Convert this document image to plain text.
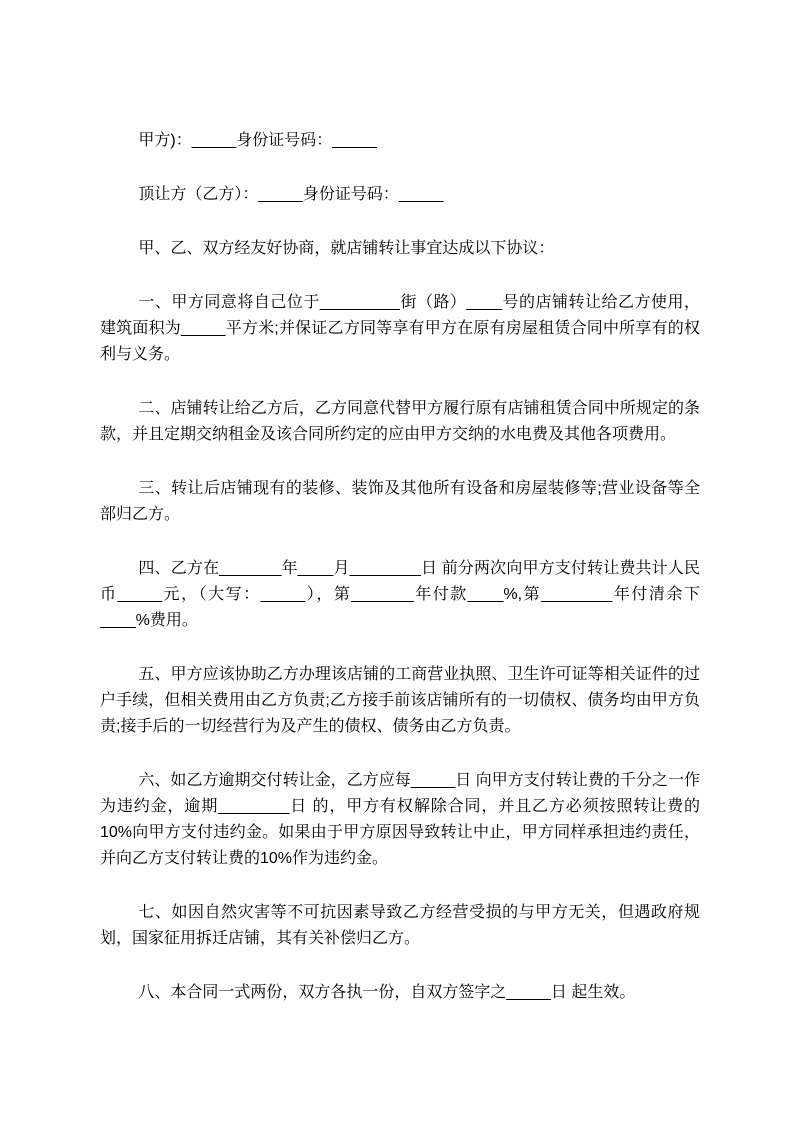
甲方)：_____身份证号码：_____

顶让方（乙方）：_____身份证号码：_____

甲、乙、双方经友好协商，就店铺转让事宜达成以下协议：

一、甲方同意将自己位于_________街（路）____号的店铺转让给乙方使用，建筑面积为_____平方米;并保证乙方同等享有甲方在原有房屋租赁合同中所享有的权利与义务。

二、店铺转让给乙方后，乙方同意代替甲方履行原有店铺租赁合同中所规定的条款，并且定期交纳租金及该合同所约定的应由甲方交纳的水电费及其他各项费用。

三、转让后店铺现有的装修、装饰及其他所有设备和房屋装修等;营业设备等全部归乙方。

四、乙方在_______年____月________日 前分两次向甲方支付转让费共计人民币_____元，（大写：_____），第_______年付款____%,第________年付清余下____%费用。

五、甲方应该协助乙方办理该店铺的工商营业执照、卫生许可证等相关证件的过户手续，但相关费用由乙方负责;乙方接手前该店铺所有的一切债权、债务均由甲方负责;接手后的一切经营行为及产生的债权、债务由乙方负责。

六、如乙方逾期交付转让金，乙方应每_____日 向甲方支付转让费的千分之一作为违约金，逾期________日 的，甲方有权解除合同，并且乙方必须按照转让费的10%向甲方支付违约金。如果由于甲方原因导致转让中止，甲方同样承担违约责任，并向乙方支付转让费的10%作为违约金。

七、如因自然灾害等不可抗因素导致乙方经营受损的与甲方无关，但遇政府规划，国家征用拆迁店铺，其有关补偿归乙方。

八、本合同一式两份，双方各执一份，自双方签字之_____日 起生效。
